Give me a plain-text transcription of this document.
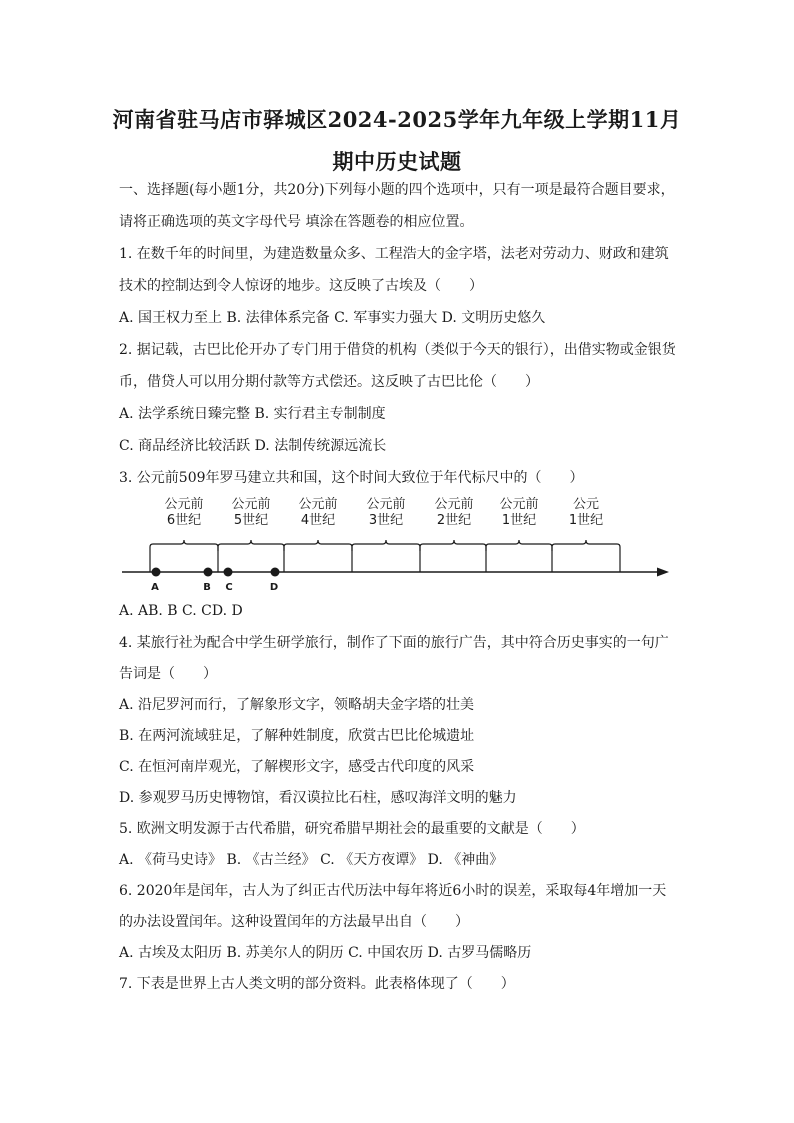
河南省驻马店市驿城区2024-2025学年九年级上学期11月
期中历史试题

一、选择题(每小题1分，共20分)下列每小题的四个选项中，只有一项是最符合题目要求，

请将正确选项的英文字母代号 填涂在答题卷的相应位置。

1. 在数千年的时间里，为建造数量众多、工程浩大的金字塔，法老对劳动力、财政和建筑

技术的控制达到令人惊讶的地步。这反映了古埃及（　　）

A. 国王权力至上 B. 法律体系完备 C. 军事实力强大 D. 文明历史悠久

2. 据记载，古巴比伦开办了专门用于借贷的机构（类似于今天的银行），出借实物或金银货

币，借贷人可以用分期付款等方式偿还。这反映了古巴比伦（　　）

A. 法学系统日臻完整 B. 实行君主专制制度

C. 商品经济比较活跃 D. 法制传统源远流长

3. 公元前509年罗马建立共和国，这个时间大致位于年代标尺中的（　　）

公元前
6世纪
公元前
5世纪
公元前
4世纪
公元前
3世纪
公元前
2世纪
公元前
1世纪
公元
1世纪
A	B C	D

A. AB. B C. CD. D

4. 某旅行社为配合中学生研学旅行，制作了下面的旅行广告，其中符合历史事实的一句广

告词是（　　）

A. 沿尼罗河而行，了解象形文字，领略胡夫金字塔的壮美

B. 在两河流域驻足，了解种姓制度，欣赏古巴比伦城遗址

C. 在恒河南岸观光，了解楔形文字，感受古代印度的风采

D. 参观罗马历史博物馆，看汉谟拉比石柱，感叹海洋文明的魅力

5. 欧洲文明发源于古代希腊，研究希腊早期社会的最重要的文献是（　　）

A. 《荷马史诗》 B. 《古兰经》 C. 《天方夜谭》 D. 《神曲》

6. 2020年是闰年，古人为了纠正古代历法中每年将近6小时的误差，采取每4年增加一天

的办法设置闰年。这种设置闰年的方法最早出自（　　）

A. 古埃及太阳历 B. 苏美尔人的阴历 C. 中国农历 D. 古罗马儒略历

7. 下表是世界上古人类文明的部分资料。此表格体现了（　　）
